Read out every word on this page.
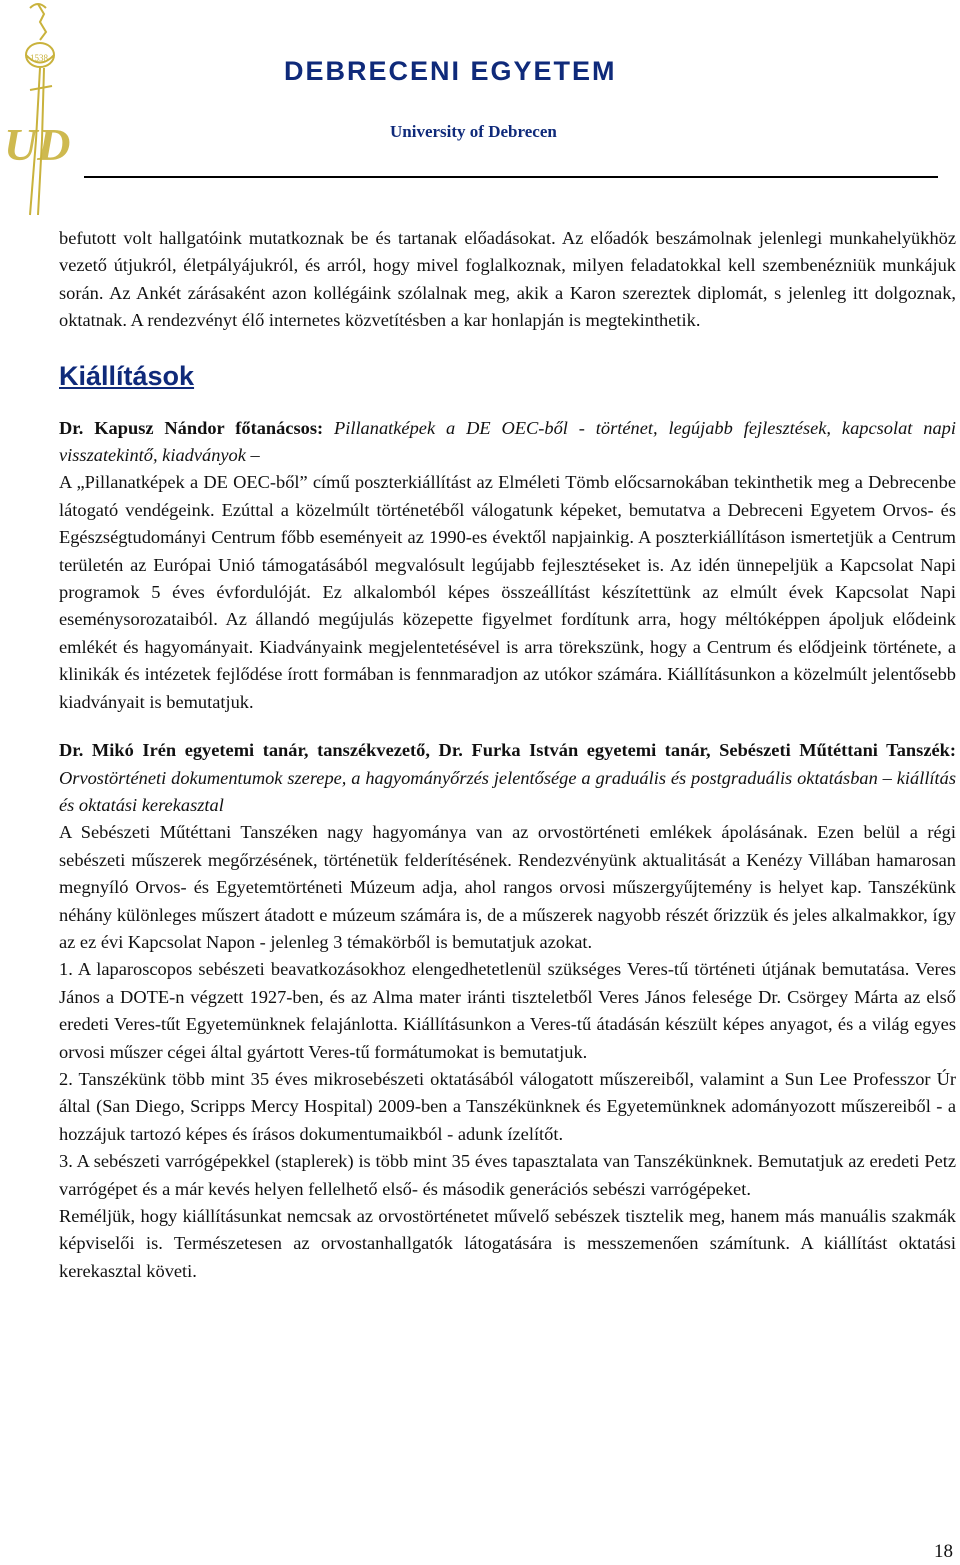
1538
UD
DEBRECENI EGYETEM
University of Debrecen

befutott volt hallgatóink mutatkoznak be és tartanak előadásokat. Az előadók beszámolnak jelenlegi munkahelyükhöz vezető útjukról, életpályájukról, és arról, hogy mivel foglalkoznak, milyen feladatokkal kell szembenézniük munkájuk során. Az Ankét zárásaként azon kollégáink szólalnak meg, akik a Karon szereztek diplomát, s jelenleg itt dolgoznak, oktatnak. A rendezvényt élő internetes közvetítésben a kar honlapján is megtekinthetik.

Kiállítások

Dr. Kapusz Nándor főtanácsos: Pillanatképek a DE OEC-ből - történet, legújabb fejlesztések, kapcsolat napi visszatekintő, kiadványok –

A „Pillanatképek a DE OEC-ből” című poszterkiállítást az Elméleti Tömb előcsarnokában tekinthetik meg a Debrecenbe látogató vendégeink. Ezúttal a közelmúlt történetéből válogatunk képeket, bemutatva a Debreceni Egyetem Orvos- és Egészségtudományi Centrum főbb eseményeit az 1990-es évektől napjainkig. A poszterkiállításon ismertetjük a Centrum területén az Európai Unió támogatásából megvalósult legújabb fejlesztéseket is. Az idén ünnepeljük a Kapcsolat Napi programok 5 éves évfordulóját. Ez alkalomból képes összeállítást készítettünk az elmúlt évek Kapcsolat Napi eseménysorozataiból. Az állandó megújulás közepette figyelmet fordítunk arra, hogy méltóképpen ápoljuk elődeink emlékét és hagyományait. Kiadványaink megjelentetésével is arra törekszünk, hogy a Centrum és elődjeink története, a klinikák és intézetek fejlődése írott formában is fennmaradjon az utókor számára. Kiállításunkon a közelmúlt jelentősebb kiadványait is bemutatjuk.

Dr. Mikó Irén egyetemi tanár, tanszékvezető, Dr. Furka István egyetemi tanár, Sebészeti Műtéttani Tanszék: Orvostörténeti dokumentumok szerepe, a hagyományőrzés jelentősége a graduális és postgraduális oktatásban – kiállítás és oktatási kerekasztal

A Sebészeti Műtéttani Tanszéken nagy hagyománya van az orvostörténeti emlékek ápolásának. Ezen belül a régi sebészeti műszerek megőrzésének, történetük felderítésének. Rendezvényünk aktualitását a Kenézy Villában hamarosan megnyíló Orvos- és Egyetemtörténeti Múzeum adja, ahol rangos orvosi műszergyűjtemény is helyet kap. Tanszékünk néhány különleges műszert átadott e múzeum számára is, de a műszerek nagyobb részét őrizzük és jeles alkalmakkor, így az ez évi Kapcsolat Napon - jelenleg 3 témakörből is bemutatjuk azokat.

1. A laparoscopos sebészeti beavatkozásokhoz elengedhetetlenül szükséges Veres-tű történeti útjának bemutatása. Veres János a DOTE-n végzett 1927-ben, és az Alma mater iránti tiszteletből Veres János felesége Dr. Csörgey Márta az első eredeti Veres-tűt Egyetemünknek felajánlotta. Kiállításunkon a Veres-tű átadásán készült képes anyagot, és a világ egyes orvosi műszer cégei által gyártott Veres-tű formátumokat is bemutatjuk.

2. Tanszékünk több mint 35 éves mikrosebészeti oktatásából válogatott műszereiből, valamint a Sun Lee Professzor Úr által (San Diego, Scripps Mercy Hospital) 2009-ben a Tanszékünknek és Egyetemünknek adományozott műszereiből - a hozzájuk tartozó képes és írásos dokumentumaikból - adunk ízelítőt.

3. A sebészeti varrógépekkel (staplerek) is több mint 35 éves tapasztalata van Tanszékünknek. Bemutatjuk az eredeti Petz varrógépet és a már kevés helyen fellelhető első- és második generációs sebészi varrógépeket.

Reméljük, hogy kiállításunkat nemcsak az orvostörténetet művelő sebészek tisztelik meg, hanem más manuális szakmák képviselői is. Természetesen az orvostanhallgatók látogatására is messzemenően számítunk. A kiállítást oktatási kerekasztal követi.

18
